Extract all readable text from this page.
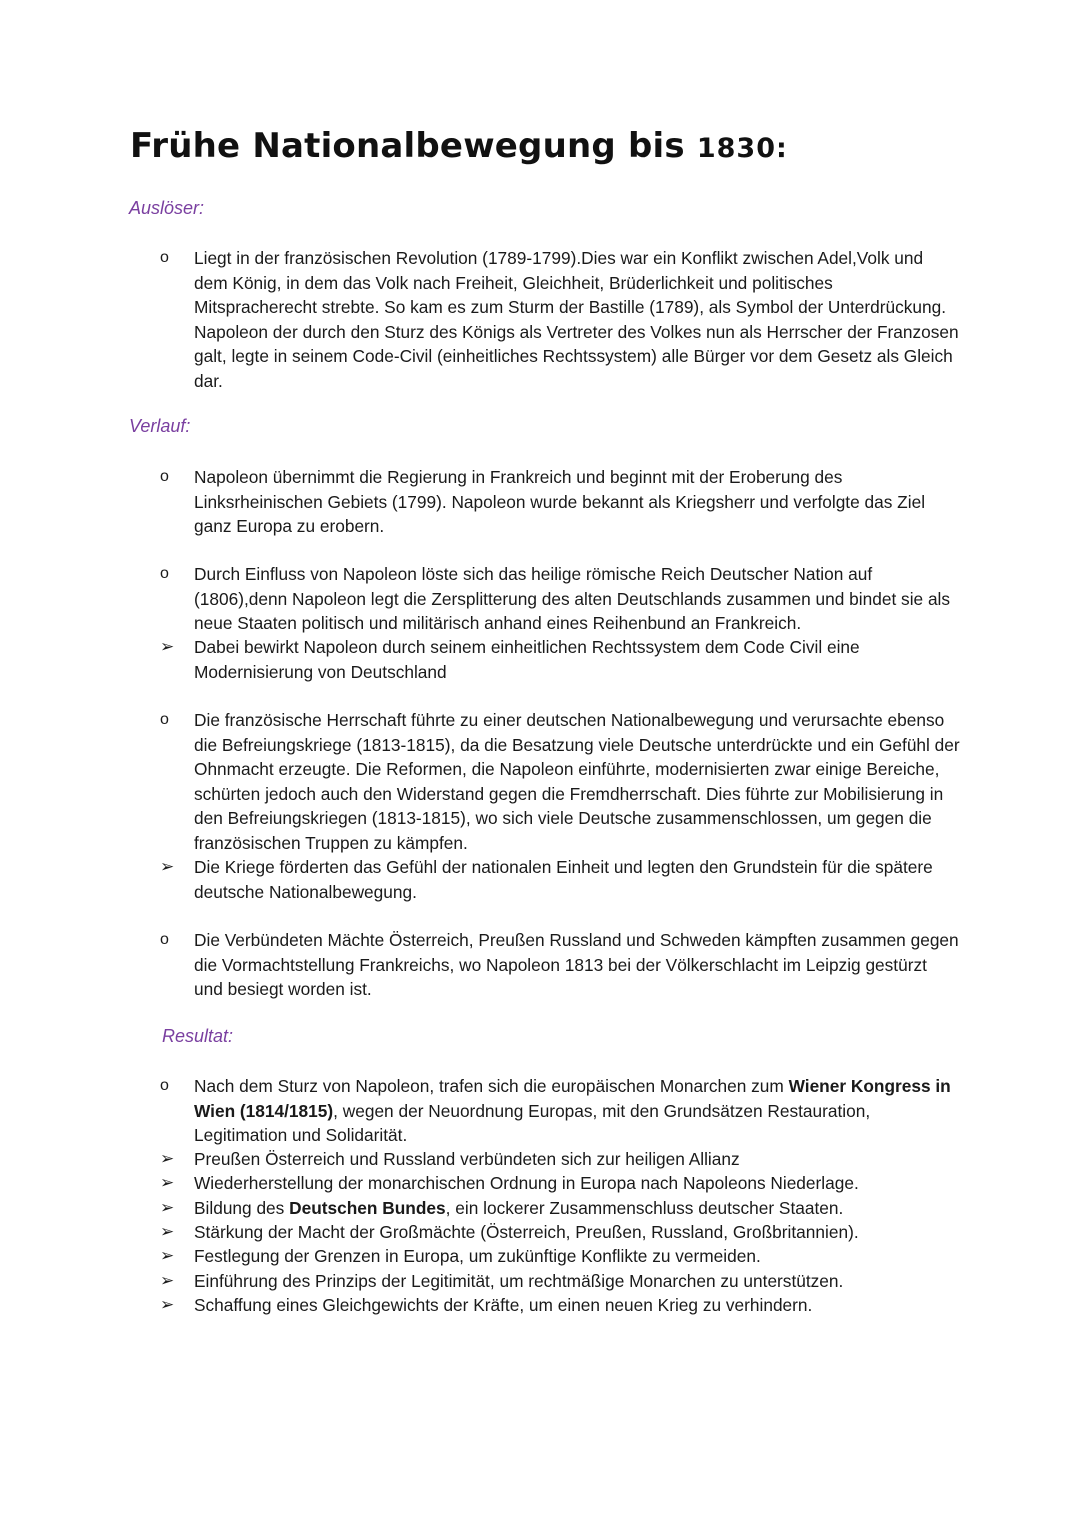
Frühe Nationalbewegung bis 1830:
Auslöser:
o	Liegt in der französischen Revolution (1789-1799).Dies war ein Konflikt zwischen Adel,Volk und dem König, in dem das Volk nach Freiheit, Gleichheit, Brüderlichkeit und politisches Mitspracherecht strebte. So kam es zum Sturm der Bastille (1789), als Symbol der Unterdrückung. Napoleon der durch den Sturz des Königs als Vertreter des Volkes nun als Herrscher der Franzosen galt, legte in seinem Code-Civil (einheitliches Rechtssystem) alle Bürger vor dem Gesetz als Gleich dar.
Verlauf:
o	Napoleon übernimmt die Regierung in Frankreich und beginnt mit der Eroberung des Linksrheinischen Gebiets (1799). Napoleon wurde bekannt als Kriegsherr und verfolgte das Ziel ganz Europa zu erobern.
o	Durch Einfluss von Napoleon löste sich das heilige römische Reich Deutscher Nation auf (1806),denn Napoleon legt die Zersplitterung des alten Deutschlands zusammen und bindet sie als neue Staaten politisch und militärisch anhand eines Reihenbund an Frankreich.
➢	Dabei bewirkt Napoleon durch seinem einheitlichen Rechtssystem dem Code Civil eine Modernisierung von Deutschland
o	Die französische Herrschaft führte zu einer deutschen Nationalbewegung und verursachte ebenso die Befreiungskriege (1813-1815), da die Besatzung viele Deutsche unterdrückte und ein Gefühl der Ohnmacht erzeugte. Die Reformen, die Napoleon einführte, modernisierten zwar einige Bereiche, schürten jedoch auch den Widerstand gegen die Fremdherrschaft. Dies führte zur Mobilisierung in den Befreiungskriegen (1813-1815), wo sich viele Deutsche zusammenschlossen, um gegen die französischen Truppen zu kämpfen.
➢	Die Kriege förderten das Gefühl der nationalen Einheit und legten den Grundstein für die spätere deutsche Nationalbewegung.
o	Die Verbündeten Mächte Österreich, Preußen Russland und Schweden kämpften zusammen gegen die Vormachtstellung Frankreichs, wo Napoleon 1813 bei der Völkerschlacht im Leipzig gestürzt und besiegt worden ist.
Resultat:
o	Nach dem Sturz von Napoleon, trafen sich die europäischen Monarchen zum Wiener Kongress in Wien (1814/1815), wegen der Neuordnung Europas, mit den Grundsätzen Restauration, Legitimation und Solidarität.
➢	Preußen Österreich und Russland verbündeten sich zur heiligen Allianz
➢	Wiederherstellung der monarchischen Ordnung in Europa nach Napoleons Niederlage.
➢	Bildung des Deutschen Bundes, ein lockerer Zusammenschluss deutscher Staaten.
➢	Stärkung der Macht der Großmächte (Österreich, Preußen, Russland, Großbritannien).
➢	Festlegung der Grenzen in Europa, um zukünftige Konflikte zu vermeiden.
➢	Einführung des Prinzips der Legitimität, um rechtmäßige Monarchen zu unterstützen.
➢	Schaffung eines Gleichgewichts der Kräfte, um einen neuen Krieg zu verhindern.
